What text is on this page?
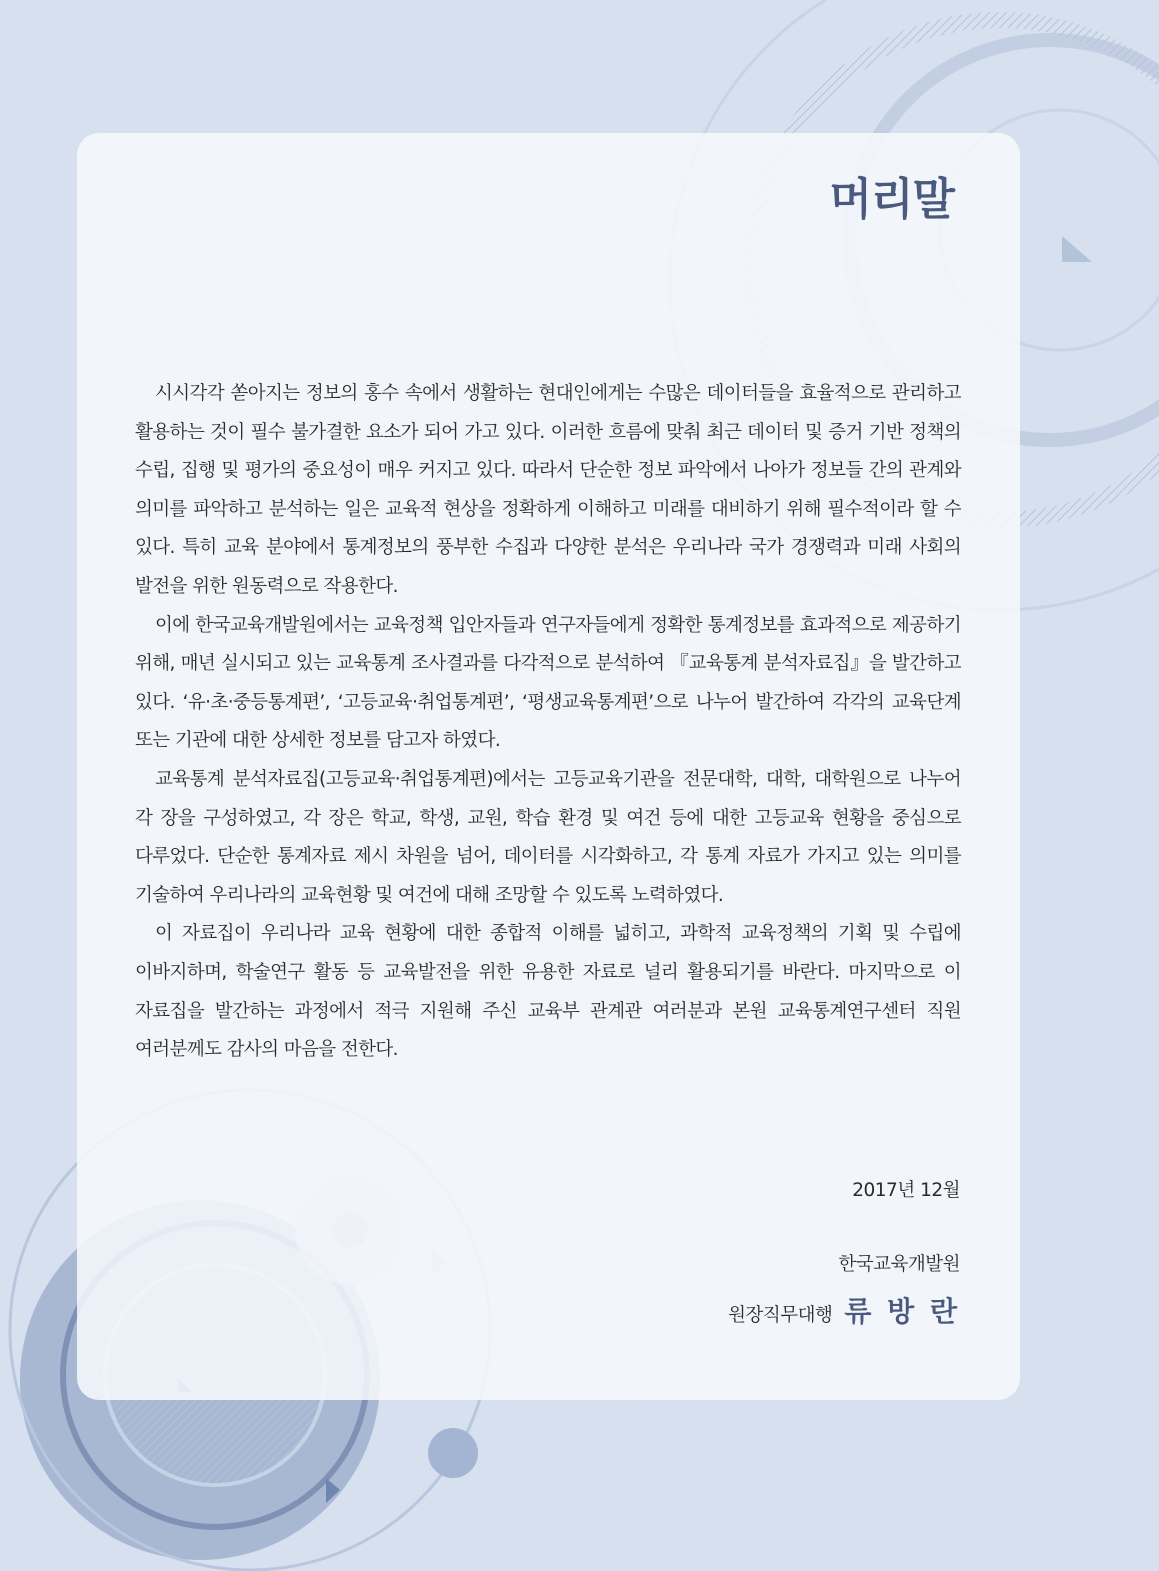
머리말

시시각각 쏟아지는 정보의 홍수 속에서 생활하는 현대인에게는 수많은 데이터들을 효율적으로 관리하고 활용하는 것이 필수 불가결한 요소가 되어 가고 있다. 이러한 흐름에 맞춰 최근 데이터 및 증거 기반 정책의 수립, 집행 및 평가의 중요성이 매우 커지고 있다. 따라서 단순한 정보 파악에서 나아가 정보들 간의 관계와 의미를 파악하고 분석하는 일은 교육적 현상을 정확하게 이해하고 미래를 대비하기 위해 필수적이라 할 수 있다. 특히 교육 분야에서 통계정보의 풍부한 수집과 다양한 분석은 우리나라 국가 경쟁력과 미래 사회의 발전을 위한 원동력으로 작용한다.

이에 한국교육개발원에서는 교육정책 입안자들과 연구자들에게 정확한 통계정보를 효과적으로 제공하기 위해, 매년 실시되고 있는 교육통계 조사결과를 다각적으로 분석하여 『교육통계 분석자료집』을 발간하고 있다. ‘유·초·중등통계편’, ‘고등교육·취업통계편’, ‘평생교육통계편’으로 나누어 발간하여 각각의 교육단계 또는 기관에 대한 상세한 정보를 담고자 하였다.

교육통계 분석자료집(고등교육·취업통계편)에서는 고등교육기관을 전문대학, 대학, 대학원으로 나누어 각 장을 구성하였고, 각 장은 학교, 학생, 교원, 학습 환경 및 여건 등에 대한 고등교육 현황을 중심으로 다루었다. 단순한 통계자료 제시 차원을 넘어, 데이터를 시각화하고, 각 통계 자료가 가지고 있는 의미를 기술하여 우리나라의 교육현황 및 여건에 대해 조망할 수 있도록 노력하였다.

이 자료집이 우리나라 교육 현황에 대한 종합적 이해를 넓히고, 과학적 교육정책의 기획 및 수립에 이바지하며, 학술연구 활동 등 교육발전을 위한 유용한 자료로 널리 활용되기를 바란다. 마지막으로 이 자료집을 발간하는 과정에서 적극 지원해 주신 교육부 관계관 여러분과 본원 교육통계연구센터 직원 여러분께도 감사의 마음을 전한다.

2017년 12월
한국교육개발원
원장직무대행 류 방 란
